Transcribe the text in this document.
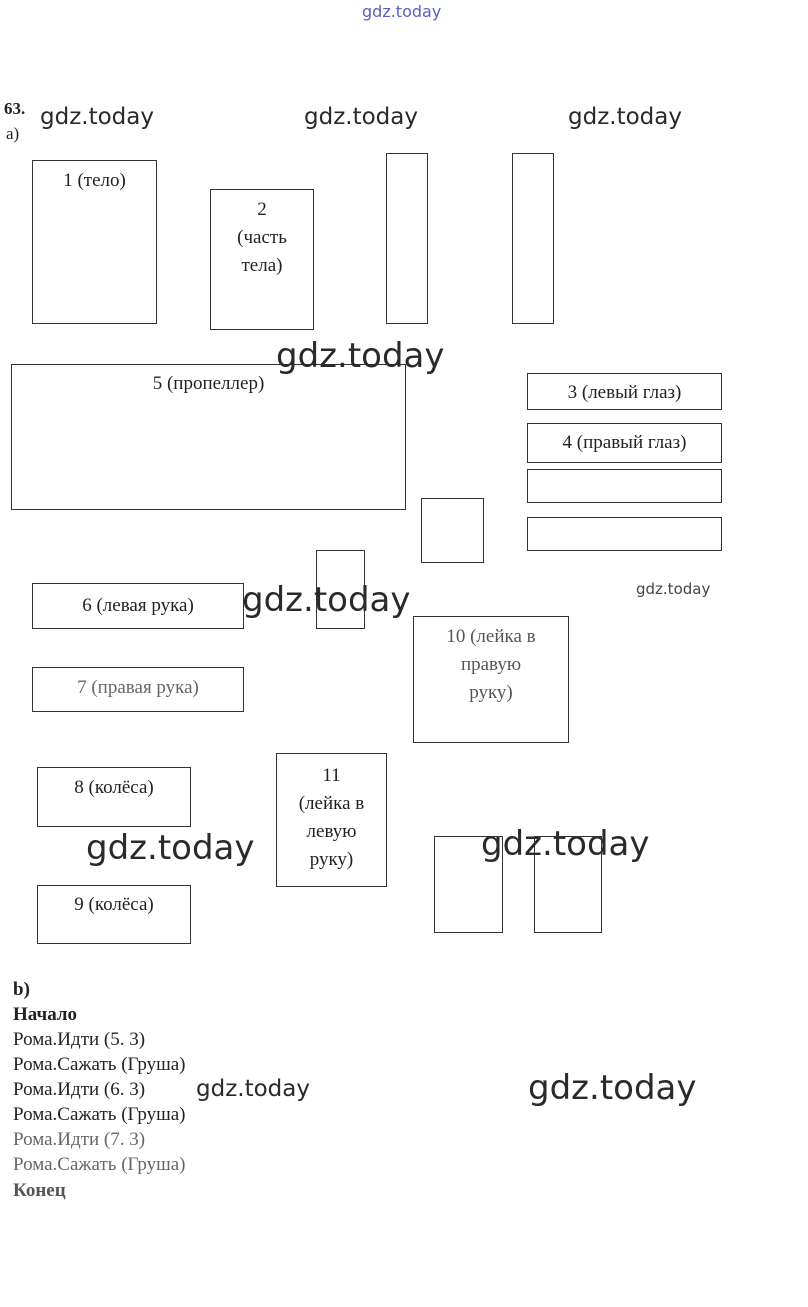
gdz.today
63.
a)
gdz.today	gdz.today	gdz.today
1 (тело)
2
(часть
тела)
5 (пропеллер)
gdz.today
3 (левый глаз)
4 (правый глаз)
6 (левая рука)	gdz.today	gdz.today
10 (лейка в
правую
руку)
7 (правая рука)
8 (колёса)
11
(лейка в
левую
руку)
gdz.today	gdz.today
9 (колёса)
b)
Начало
Рома.Идти (5. 3)
Рома.Сажать (Груша)
Рома.Идти (6. 3)
Рома.Сажать (Груша)
Рома.Идти (7. 3)
Рома.Сажать (Груша)
Конец
gdz.today	gdz.today
